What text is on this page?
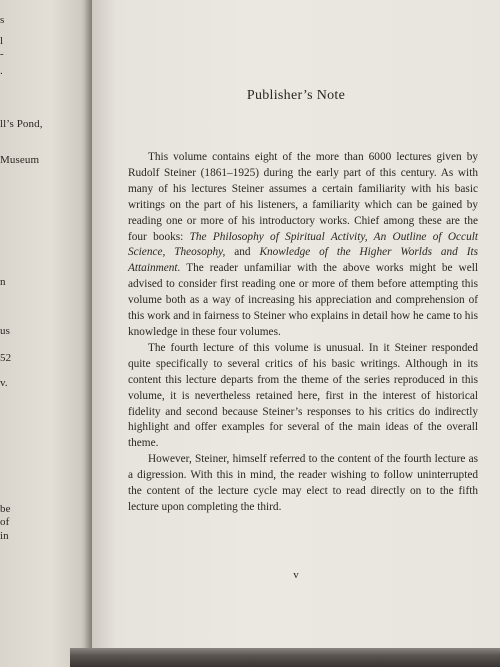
s
l
-
.
ll’s Pond,
Museum
n
us
52
v.
be
of
in
Publisher’s Note

This volume contains eight of the more than 6000 lectures given by Rudolf Steiner (1861–1925) during the early part of this century. As with many of his lectures Steiner assumes a certain familiarity with his basic writings on the part of his listeners, a familiarity which can be gained by reading one or more of his introductory works. Chief among these are the four books: The Philosophy of Spiritual Activity, An Outline of Occult Science, Theosophy, and Knowledge of the Higher Worlds and Its Attainment. The reader unfamiliar with the above works might be well advised to consider first reading one or more of them before attempting this volume both as a way of increasing his appreciation and comprehension of this work and in fairness to Steiner who explains in detail how he came to his knowledge in these four volumes.

The fourth lecture of this volume is unusual. In it Steiner responded quite specifically to several critics of his basic writings. Although in its content this lecture departs from the theme of the series reproduced in this volume, it is nevertheless retained here, first in the interest of historical fidelity and second because Steiner’s responses to his critics do indirectly highlight and offer examples for several of the main ideas of the overall theme.

However, Steiner, himself referred to the content of the fourth lecture as a digression. With this in mind, the reader wishing to follow uninterrupted the content of the lecture cycle may elect to read directly on to the fifth lecture upon completing the third.

v
